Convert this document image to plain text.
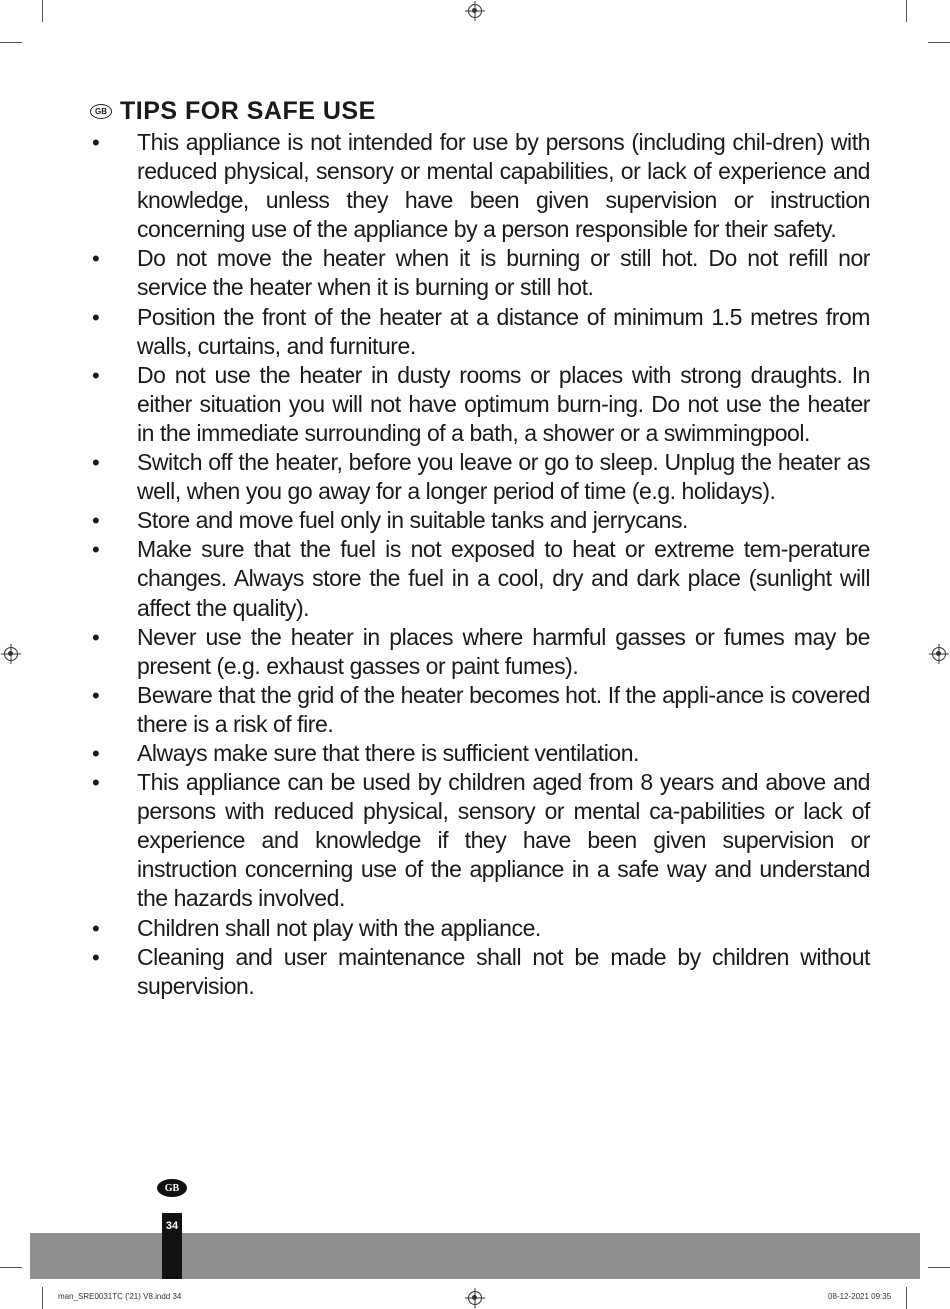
GB TIPS FOR SAFE USE
• This appliance is not intended for use by persons (including chil-dren) with reduced physical, sensory or mental capabilities, or lack of experience and knowledge, unless they have been given supervision or instruction concerning use of the appliance by a person responsible for their safety.
• Do not move the heater when it is burning or still hot. Do not refill nor service the heater when it is burning or still hot.
• Position the front of the heater at a distance of minimum 1.5 metres from walls, curtains, and furniture.
• Do not use the heater in dusty rooms or places with strong draughts. In either situation you will not have optimum burn-ing. Do not use the heater in the immediate surrounding of a bath, a shower or a swimmingpool.
• Switch off the heater, before you leave or go to sleep. Unplug the heater as well, when you go away for a longer period of time (e.g. holidays).
• Store and move fuel only in suitable tanks and jerrycans.
• Make sure that the fuel is not exposed to heat or extreme tem-perature changes. Always store the fuel in a cool, dry and dark place (sunlight will affect the quality).
• Never use the heater in places where harmful gasses or fumes may be present (e.g. exhaust gasses or paint fumes).
• Beware that the grid of the heater becomes hot. If the appli-ance is covered there is a risk of fire.
• Always make sure that there is sufficient ventilation.
• This appliance can be used by children aged from 8 years and above and persons with reduced physical, sensory or mental ca-pabilities or lack of experience and knowledge if they have been given supervision or instruction concerning use of the appliance in a safe way and understand the hazards involved.
• Children shall not play with the appliance.
• Cleaning and user maintenance shall not be made by children without supervision.
GB
34
man_SRE0031TC ('21) V8.indd 34	08-12-2021 09:35
